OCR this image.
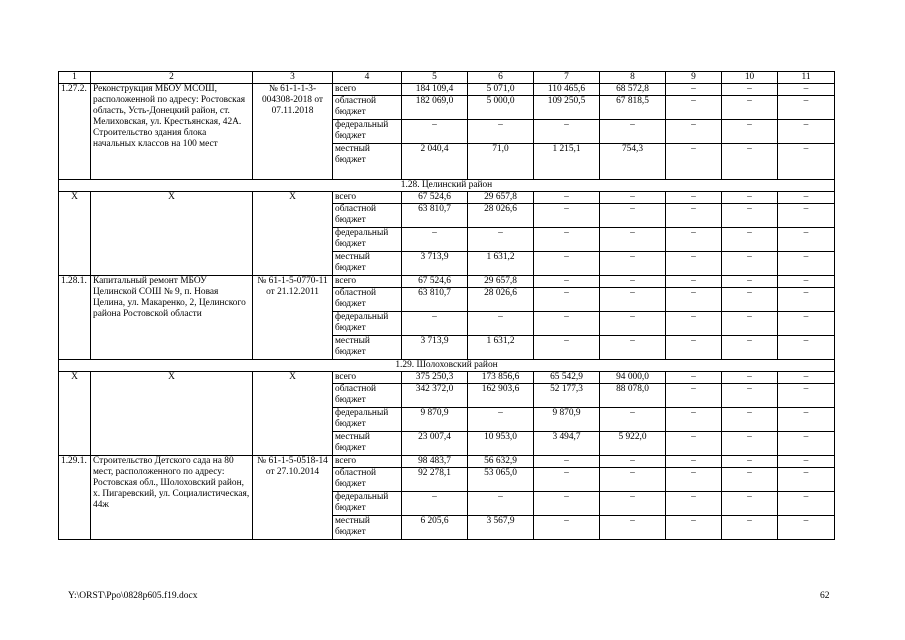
1	2	3	4	5	6	7	8	9	10	11
1.27.2.	Реконструкция МБОУ МСОШ, расположенной по адресу: Ростовская область, Усть-Донецкий район, ст. Мелиховская, ул. Крестьянская, 42А. Строительство здания блока начальных классов на 100 мест	№ 61-1-1-3-004308-2018 от 07.11.2018	всего	184 109,4	5 071,0	110 465,6	68 572,8	–	–	–
			областной бюджет	182 069,0	5 000,0	109 250,5	67 818,5	–	–	–
			федеральный бюджет	–	–	–	–	–	–	–
			местный бюджет	2 040,4	71,0	1 215,1	754,3	–	–	–
1.28. Целинский район										
Х	Х	Х	всего	67 524,6	29 657,8	–	–	–	–	–
			областной бюджет	63 810,7	28 026,6	–	–	–	–	–
			федеральный бюджет	–	–	–	–	–	–	–
			местный бюджет	3 713,9	1 631,2	–	–	–	–	–
1.28.1.	Капитальный ремонт МБОУ Целинской СОШ № 9, п. Новая Целина, ул. Макаренко, 2, Целинского района Ростовской области	№ 61-1-5-0770-11 от 21.12.2011	всего	67 524,6	29 657,8	–	–	–	–	–
			областной бюджет	63 810,7	28 026,6	–	–	–	–	–
			федеральный бюджет	–	–	–	–	–	–	–
			местный бюджет	3 713,9	1 631,2	–	–	–	–	–
1.29. Шолоховский район										
Х	Х	Х	всего	375 250,3	173 856,6	65 542,9	94 000,0	–	–	–
			областной бюджет	342 372,0	162 903,6	52 177,3	88 078,0	–	–	–
			федеральный бюджет	9 870,9	–	9 870,9	–	–	–	–
			местный бюджет	23 007,4	10 953,0	3 494,7	5 922,0	–	–	–
1.29.1.	Строительство Детского сада на 80 мест, расположенного по адресу: Ростовская обл., Шолоховский район, х. Пигаревский, ул. Социалистическая, 44ж	№ 61-1-5-0518-14 от 27.10.2014	всего	98 483,7	56 632,9	–	–	–	–	–
			областной бюджет	92 278,1	53 065,0	–	–	–	–	–
			федеральный бюджет	–	–	–	–	–	–	–
			местный бюджет	6 205,6	3 567,9	–	–	–	–	–
Y:\ORST\Ppo\0828p605.f19.docx	62
